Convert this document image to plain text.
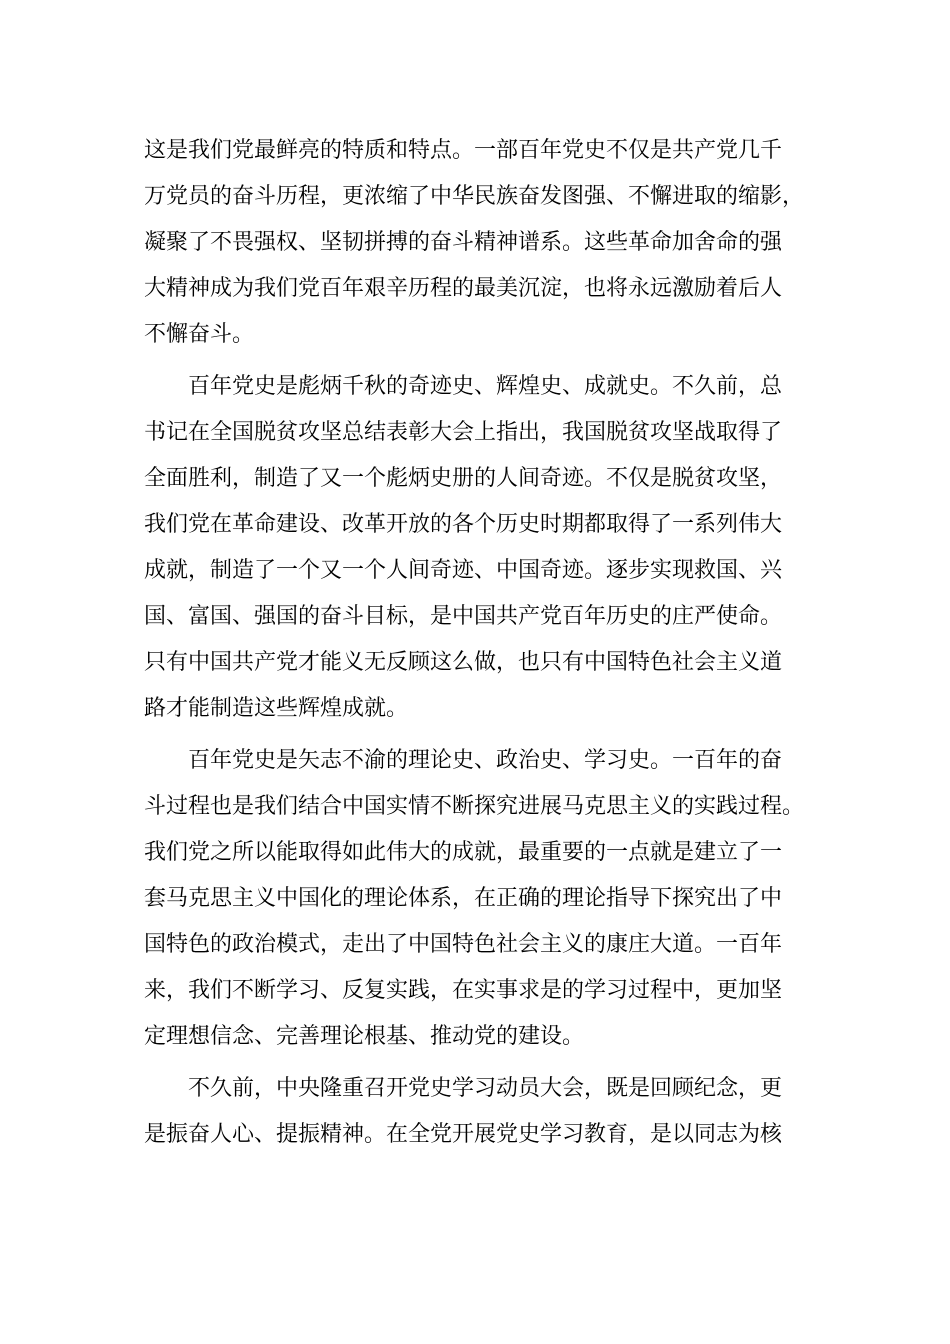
这是我们党最鲜亮的特质和特点。一部百年党史不仅是共产党几千
万党员的奋斗历程，更浓缩了中华民族奋发图强、不懈进取的缩影，
凝聚了不畏强权、坚韧拼搏的奋斗精神谱系。这些革命加舍命的强
大精神成为我们党百年艰辛历程的最美沉淀，也将永远激励着后人
不懈奋斗。

　　百年党史是彪炳千秋的奇迹史、辉煌史、成就史。不久前，总
书记在全国脱贫攻坚总结表彰大会上指出，我国脱贫攻坚战取得了
全面胜利，制造了又一个彪炳史册的人间奇迹。不仅是脱贫攻坚，
我们党在革命建设、改革开放的各个历史时期都取得了一系列伟大
成就，制造了一个又一个人间奇迹、中国奇迹。逐步实现救国、兴
国、富国、强国的奋斗目标，是中国共产党百年历史的庄严使命。
只有中国共产党才能义无反顾这么做，也只有中国特色社会主义道
路才能制造这些辉煌成就。

　　百年党史是矢志不渝的理论史、政治史、学习史。一百年的奋
斗过程也是我们结合中国实情不断探究进展马克思主义的实践过程。
我们党之所以能取得如此伟大的成就，最重要的一点就是建立了一
套马克思主义中国化的理论体系，在正确的理论指导下探究出了中
国特色的政治模式，走出了中国特色社会主义的康庄大道。一百年
来，我们不断学习、反复实践，在实事求是的学习过程中，更加坚
定理想信念、完善理论根基、推动党的建设。

　　不久前，中央隆重召开党史学习动员大会，既是回顾纪念，更
是振奋人心、提振精神。在全党开展党史学习教育，是以同志为核
